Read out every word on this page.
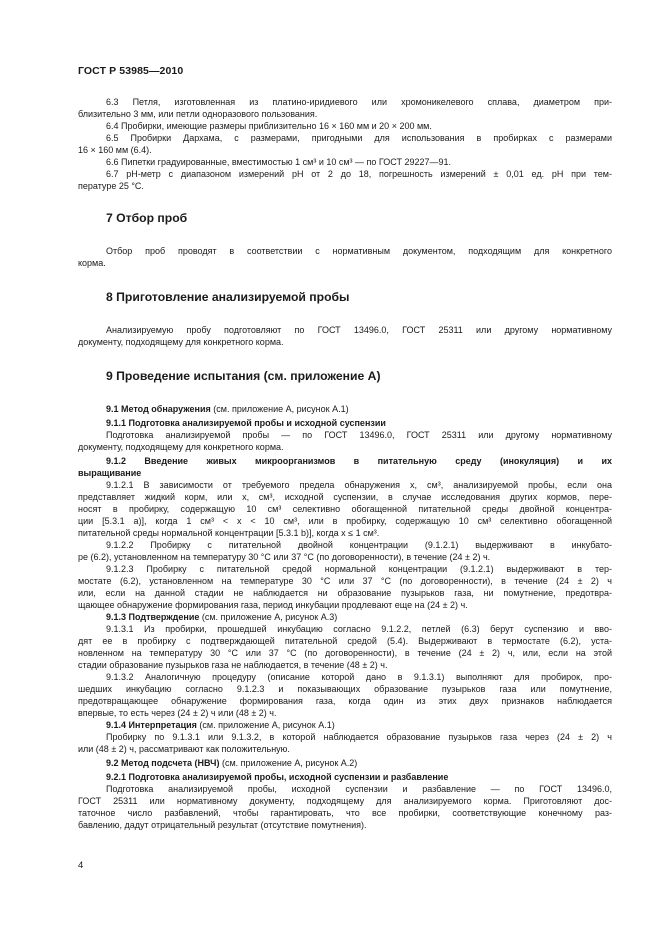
ГОСТ Р 53985—2010

6.3 Петля, изготовленная из платино-иридиевого или хромоникелевого сплава, диаметром при-

близительно 3 мм, или петли одноразового пользования.

6.4 Пробирки, имеющие размеры приблизительно 16 × 160 мм и 20 × 200 мм.

6.5 Пробирки Дархама, с размерами, пригодными для использования в пробирках с размерами

16 × 160 мм (6.4).

6.6 Пипетки градуированные, вместимостью 1 см³ и 10 см³ — по ГОСТ 29227—91.

6.7 pH-метр с диапазоном измерений pH от 2 до 18, погрешность измерений ± 0,01 ед. pH при тем-

пературе 25 °С.

7 Отбор проб

Отбор проб проводят в соответствии с нормативным документом, подходящим для конкретного

корма.

8 Приготовление анализируемой пробы

Анализируемую пробу подготовляют по ГОСТ 13496.0, ГОСТ 25311 или другому нормативному

документу, подходящему для конкретного корма.

9 Проведение испытания (см. приложение А)

9.1 Метод обнаружения (см. приложение А, рисунок А.1)

9.1.1 Подготовка анализируемой пробы и исходной суспензии

Подготовка анализируемой пробы — по ГОСТ 13496.0, ГОСТ 25311 или другому нормативному

документу, подходящему для конкретного корма.

9.1.2 Введение живых микроорганизмов в питательную среду (инокуляция) и их

выращивание

9.1.2.1 В зависимости от требуемого предела обнаружения х, см³, анализируемой пробы, если она

представляет жидкий корм, или х, см³, исходной суспензии, в случае исследования других кормов, пере-

носят в пробирку, содержащую 10 см³ селективно обогащенной питательной среды двойной концентра-

ции [5.3.1 а)], когда 1 см³ < х < 10 см³, или в пробирку, содержащую 10 см³ селективно обогащенной

питательной среды нормальной концентрации [5.3.1 b)], когда х ≤ 1 см³.

9.1.2.2 Пробирку с питательной двойной концентрации (9.1.2.1) выдерживают в инкубато-

ре (6.2), установленном на температуру 30 °С или 37 °С (по договоренности), в течение (24 ± 2) ч.

9.1.2.3 Пробирку с питательной средой нормальной концентрации (9.1.2.1) выдерживают в тер-

мостате (6.2), установленном на температуре 30 °С или 37 °С (по договоренности), в течение (24 ± 2) ч

или, если на данной стадии не наблюдается ни образование пузырьков газа, ни помутнение, предотвра-

щающее обнаружение формирования газа, период инкубации продлевают еще на (24 ± 2) ч.

9.1.3 Подтверждение (см. приложение А, рисунок А.3)

9.1.3.1 Из пробирки, прошедшей инкубацию согласно 9.1.2.2, петлей (6.3) берут суспензию и вво-

дят ее в пробирку с подтверждающей питательной средой (5.4). Выдерживают в термостате (6.2), уста-

новленном на температуру 30 °С или 37 °С (по договоренности), в течение (24 ± 2) ч, или, если на этой

стадии образование пузырьков газа не наблюдается, в течение (48 ± 2) ч.

9.1.3.2 Аналогичную процедуру (описание которой дано в 9.1.3.1) выполняют для пробирок, про-

шедших инкубацию согласно 9.1.2.3 и показывающих образование пузырьков газа или помутнение,

предотвращающее обнаружение формирования газа, когда один из этих двух признаков наблюдается

впервые, то есть через (24 ± 2) ч или (48 ± 2) ч.

9.1.4 Интерпретация (см. приложение А, рисунок А.1)

Пробирку по 9.1.3.1 или 9.1.3.2, в которой наблюдается образование пузырьков газа через (24 ± 2) ч

или (48 ± 2) ч, рассматривают как положительную.

9.2 Метод подсчета (НВЧ) (см. приложение А, рисунок А.2)

9.2.1 Подготовка анализируемой пробы, исходной суспензии и разбавление

Подготовка анализируемой пробы, исходной суспензии и разбавление — по ГОСТ 13496.0,

ГОСТ 25311 или нормативному документу, подходящему для анализируемого корма. Приготовляют дос-

таточное число разбавлений, чтобы гарантировать, что все пробирки, соответствующие конечному раз-

бавлению, дадут отрицательный результат (отсутствие помутнения).

4
